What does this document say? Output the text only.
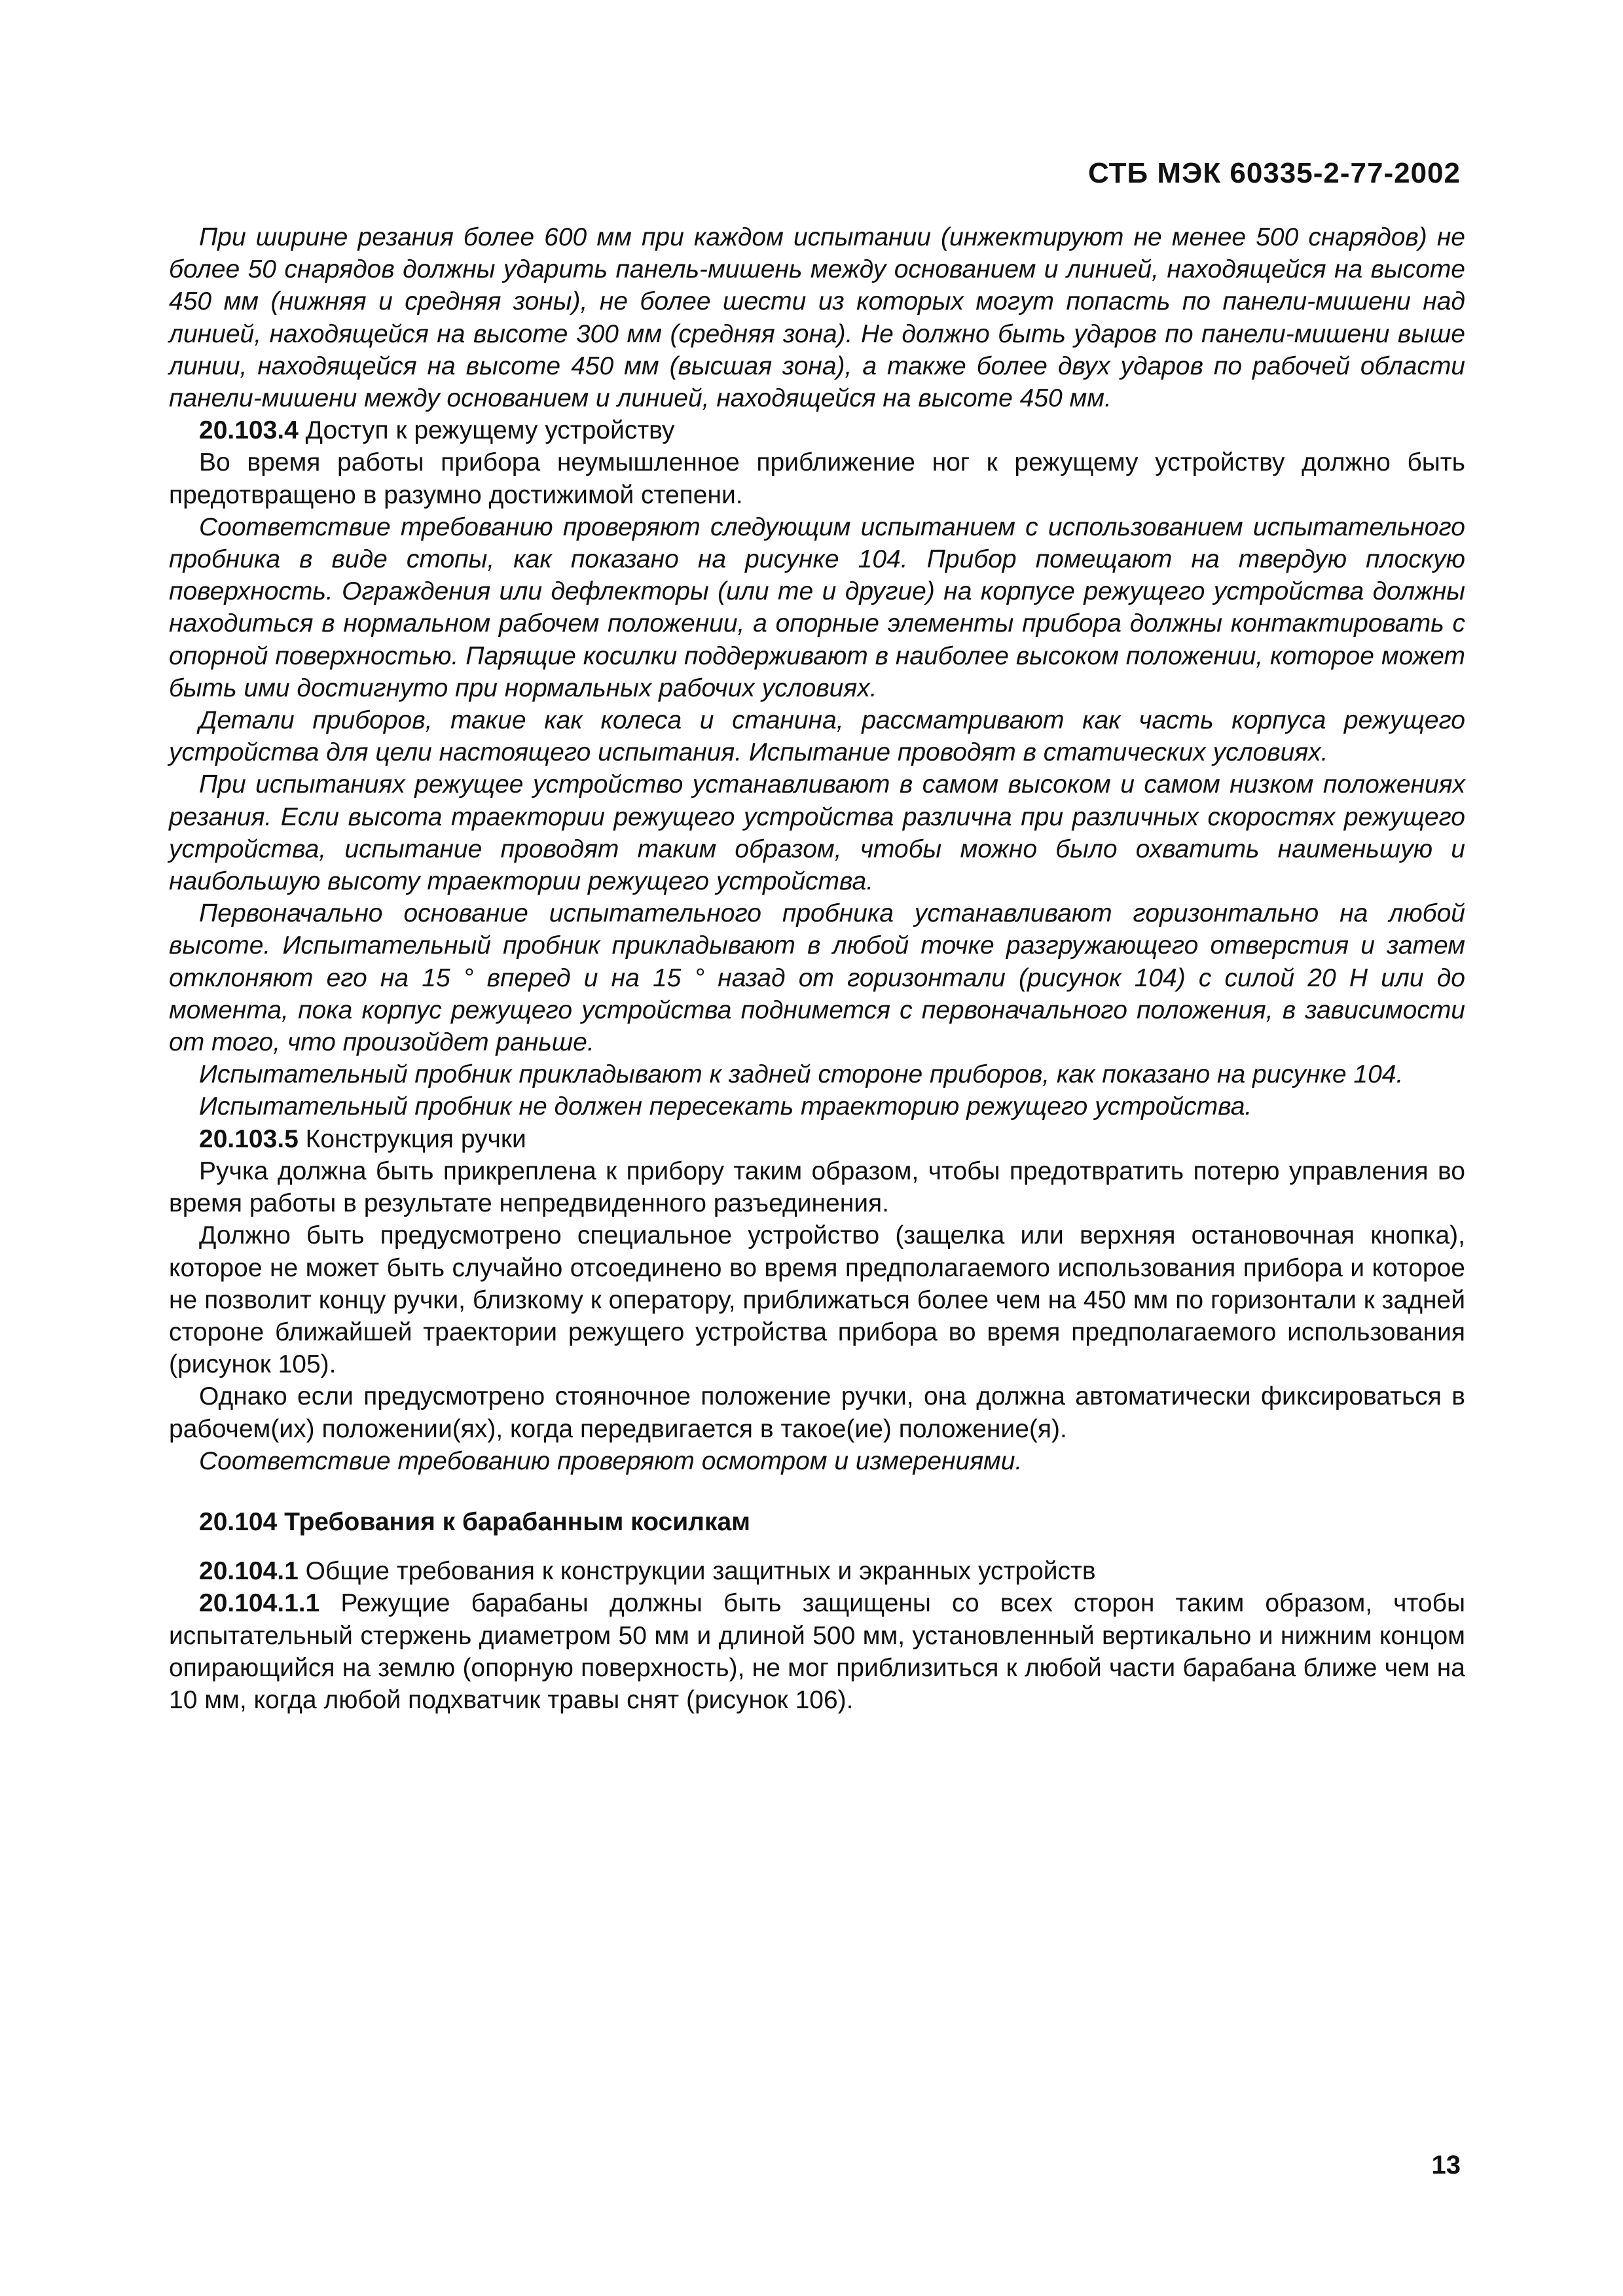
СТБ МЭК 60335-2-77-2002

При ширине резания более 600 мм при каждом испытании (инжектируют не менее 500 снарядов) не более 50 снарядов должны ударить панель-мишень между основанием и линией, находящейся на высоте 450 мм (нижняя и средняя зоны), не более шести из которых могут попасть по панели-мишени над линией, находящейся на высоте 300 мм (средняя зона). Не должно быть ударов по панели-мишени выше линии, находящейся на высоте 450 мм (высшая зона), а также более двух ударов по рабочей области панели-мишени между основанием и линией, находящейся на высоте 450 мм.

20.103.4 Доступ к режущему устройству

Во время работы прибора неумышленное приближение ног к режущему устройству должно быть предотвращено в разумно достижимой степени.

Соответствие требованию проверяют следующим испытанием с использованием испытательного пробника в виде стопы, как показано на рисунке 104. Прибор помещают на твердую плоскую поверхность. Ограждения или дефлекторы (или те и другие) на корпусе режущего устройства должны находиться в нормальном рабочем положении, а опорные элементы прибора должны контактировать с опорной поверхностью. Парящие косилки поддерживают в наиболее высоком положении, которое может быть ими достигнуто при нормальных рабочих условиях.

Детали приборов, такие как колеса и станина, рассматривают как часть корпуса режущего устройства для цели настоящего испытания. Испытание проводят в статических условиях.

При испытаниях режущее устройство устанавливают в самом высоком и самом низком положениях резания. Если высота траектории режущего устройства различна при различных скоростях режущего устройства, испытание проводят таким образом, чтобы можно было охватить наименьшую и наибольшую высоту траектории режущего устройства.

Первоначально основание испытательного пробника устанавливают горизонтально на любой высоте. Испытательный пробник прикладывают в любой точке разгружающего отверстия и затем отклоняют его на 15 ° вперед и на 15 ° назад от горизонтали (рисунок 104) с силой 20 Н или до момента, пока корпус режущего устройства поднимется с первоначального положения, в зависимости от того, что произойдет раньше.

Испытательный пробник прикладывают к задней стороне приборов, как показано на рисунке 104.

Испытательный пробник не должен пересекать траекторию режущего устройства.

20.103.5 Конструкция ручки

Ручка должна быть прикреплена к прибору таким образом, чтобы предотвратить потерю управления во время работы в результате непредвиденного разъединения.

Должно быть предусмотрено специальное устройство (защелка или верхняя остановочная кнопка), которое не может быть случайно отсоединено во время предполагаемого использования прибора и которое не позволит концу ручки, близкому к оператору, приближаться более чем на 450 мм по горизонтали к задней стороне ближайшей траектории режущего устройства прибора во время предполагаемого использования (рисунок 105).

Однако если предусмотрено стояночное положение ручки, она должна автоматически фиксироваться в рабочем(их) положении(ях), когда передвигается в такое(ие) положение(я).

Соответствие требованию проверяют осмотром и измерениями.

20.104 Требования к барабанным косилкам

20.104.1 Общие требования к конструкции защитных и экранных устройств

20.104.1.1 Режущие барабаны должны быть защищены со всех сторон таким образом, чтобы испытательный стержень диаметром 50 мм и длиной 500 мм, установленный вертикально и нижним концом опирающийся на землю (опорную поверхность), не мог приблизиться к любой части барабана ближе чем на 10 мм, когда любой подхватчик травы снят (рисунок 106).

13
